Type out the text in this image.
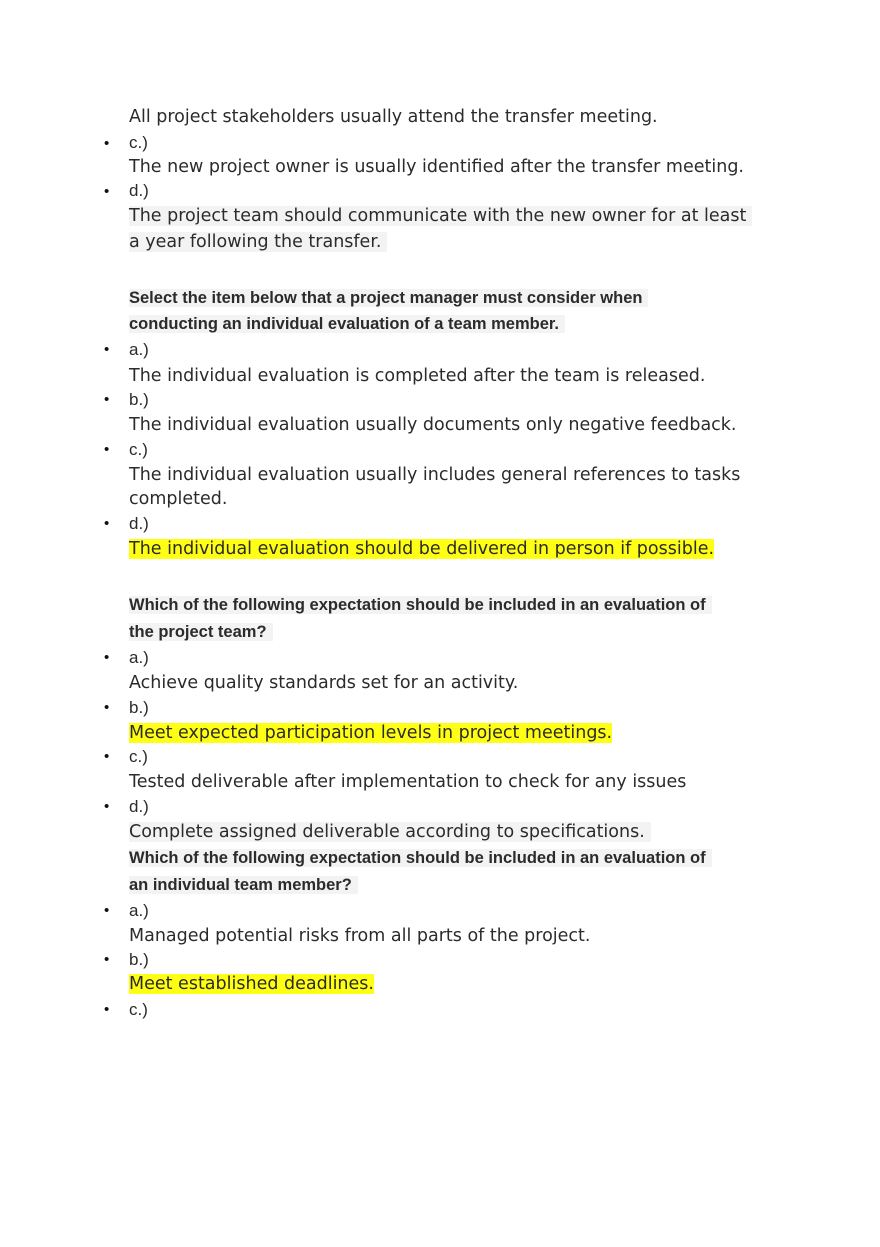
All project stakeholders usually attend the transfer meeting.
• c.)
The new project owner is usually identified after the transfer meeting.
• d.)
The project team should communicate with the new owner for at least
a year following the transfer.
Select the item below that a project manager must consider when
conducting an individual evaluation of a team member.
• a.)
The individual evaluation is completed after the team is released.
• b.)
The individual evaluation usually documents only negative feedback.
• c.)
The individual evaluation usually includes general references to tasks
completed.
• d.)
The individual evaluation should be delivered in person if possible.
Which of the following expectation should be included in an evaluation of
the project team?
• a.)
Achieve quality standards set for an activity.
• b.)
Meet expected participation levels in project meetings.
• c.)
Tested deliverable after implementation to check for any issues
• d.)
Complete assigned deliverable according to specifications.
Which of the following expectation should be included in an evaluation of
an individual team member?
• a.)
Managed potential risks from all parts of the project.
• b.)
Meet established deadlines.
• c.)
